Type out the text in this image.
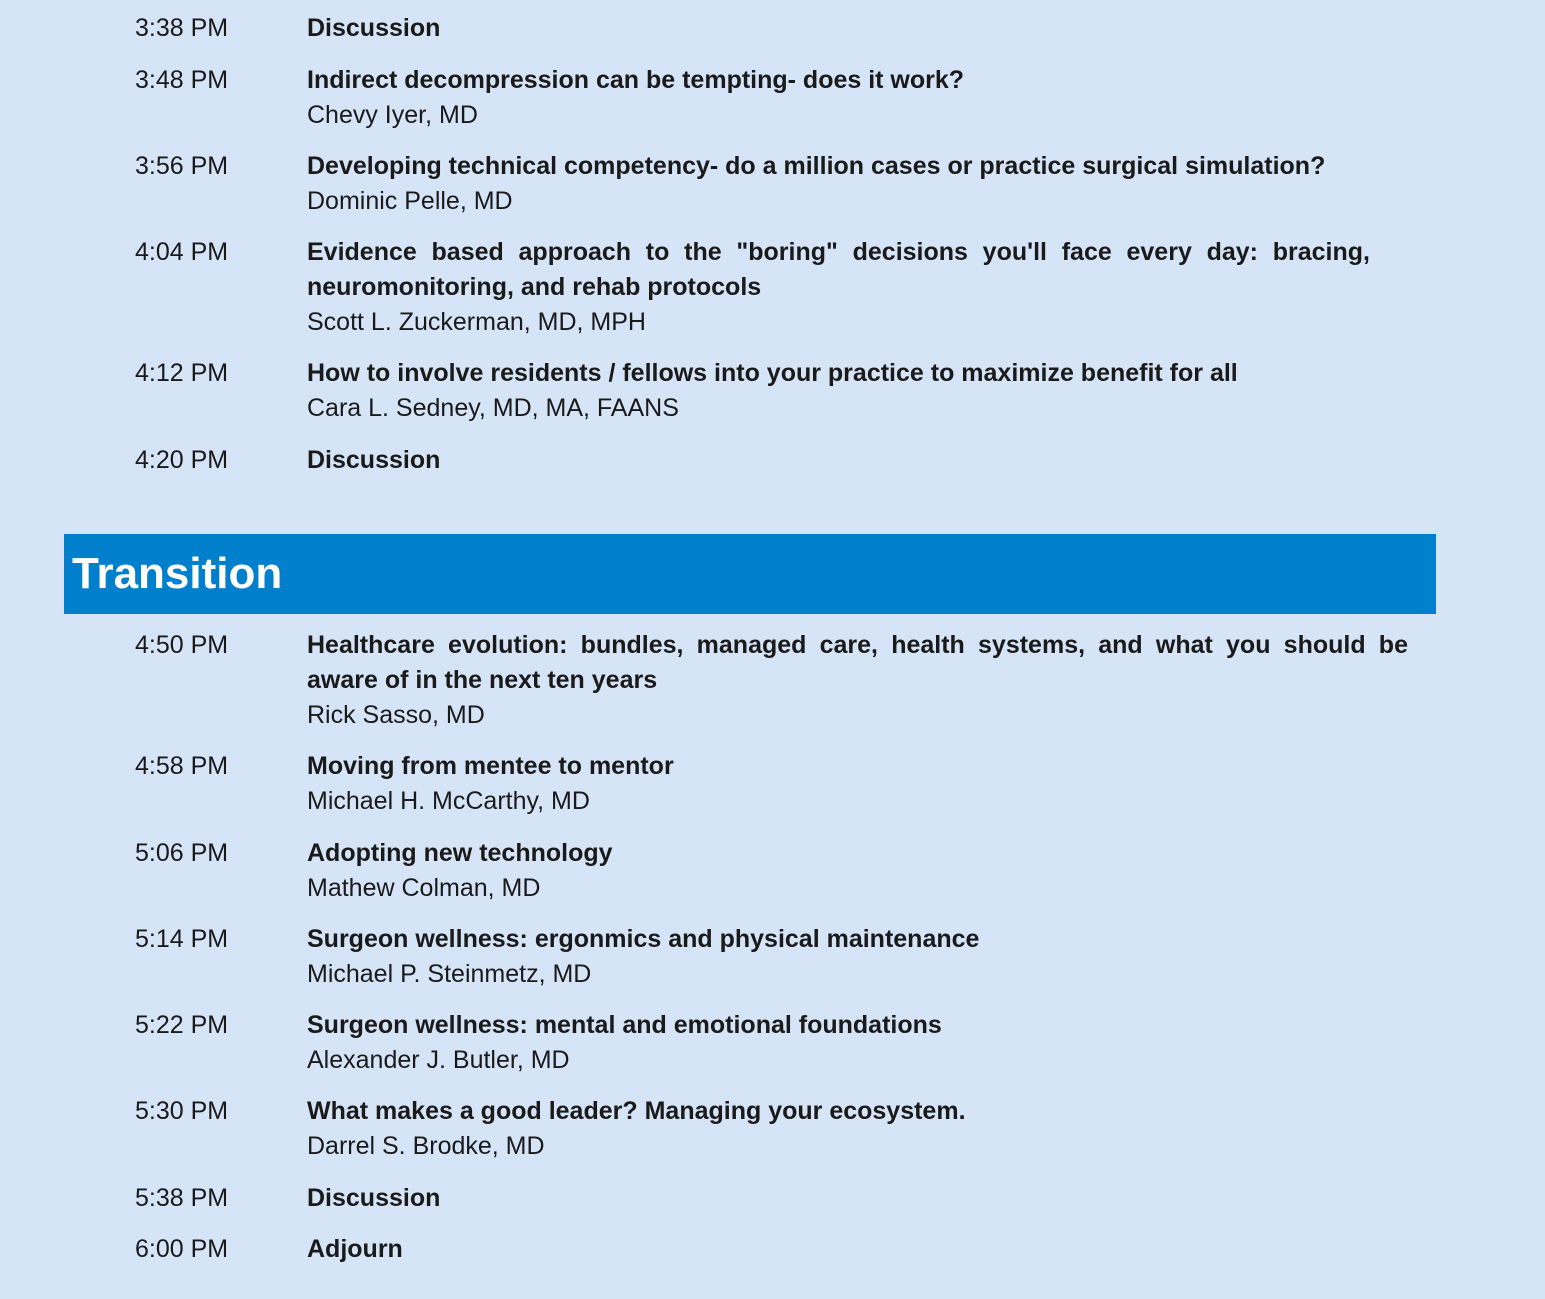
3:38 PM	Discussion
3:48 PM	Indirect decompression can be tempting- does it work?
Chevy Iyer, MD
3:56 PM	Developing technical competency- do a million cases or practice surgical simulation?
Dominic Pelle, MD
4:04 PM	Evidence based approach to the "boring" decisions you'll face every day: bracing, neuromonitoring, and rehab protocols
Scott L. Zuckerman, MD, MPH
4:12 PM	How to involve residents / fellows into your practice to maximize benefit for all
Cara L. Sedney, MD, MA, FAANS
4:20 PM	Discussion
Transition
4:50 PM	Healthcare evolution: bundles, managed care, health systems, and what you should be aware of in the next ten years
Rick Sasso, MD
4:58 PM	Moving from mentee to mentor
Michael H. McCarthy, MD
5:06 PM	Adopting new technology
Mathew Colman, MD
5:14 PM	Surgeon wellness: ergonmics and physical maintenance
Michael P. Steinmetz, MD
5:22 PM	Surgeon wellness: mental and emotional foundations
Alexander J. Butler, MD
5:30 PM	What makes a good leader? Managing your ecosystem.
Darrel S. Brodke, MD
5:38 PM	Discussion
6:00 PM	Adjourn
